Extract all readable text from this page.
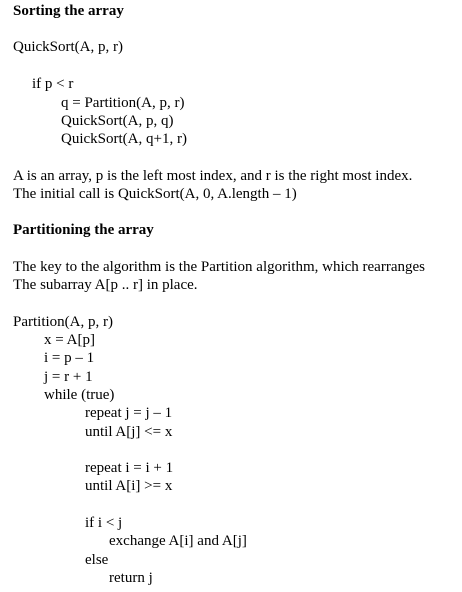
Sorting the array
QuickSort(A, p, r)
if p < r
q = Partition(A, p, r)
QuickSort(A, p, q)
QuickSort(A, q+1, r)
A is an array, p is the left most index, and r is the right most index.
The initial call is QuickSort(A, 0, A.length – 1)
Partitioning the array
The key to the algorithm is the Partition algorithm, which rearranges
The subarray A[p .. r] in place.
Partition(A, p, r)
x = A[p]
i = p – 1
j = r + 1
while (true)
repeat j = j – 1
until A[j] <= x
repeat i = i + 1
until A[i] >= x
if i < j
exchange A[i] and A[j]
else
return j
